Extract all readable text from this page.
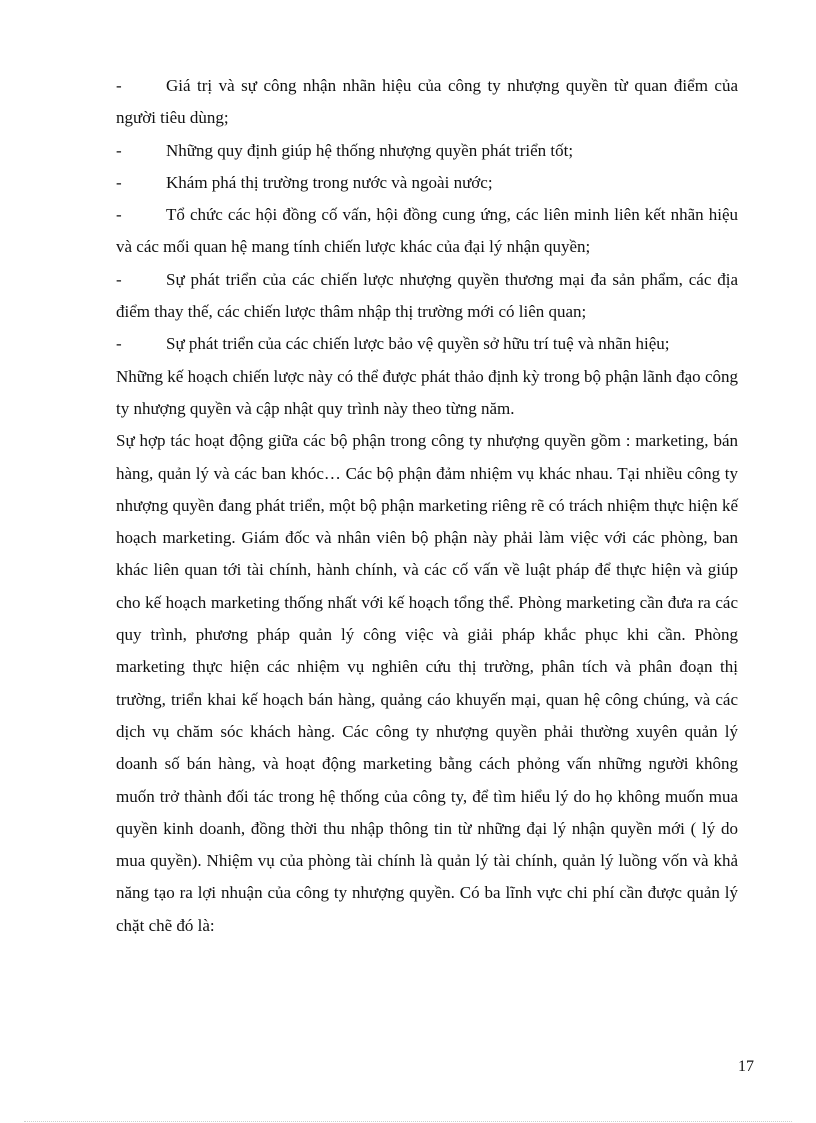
-	Giá trị và sự công nhận nhãn hiệu của công ty nhượng quyền từ quan điểm của người tiêu dùng;
-	Những quy định giúp hệ thống nhượng quyền phát triển tốt;
-	Khám phá thị trường trong nước và ngoài nước;
-	Tổ chức các hội đồng cố vấn, hội đồng cung ứng, các liên minh liên kết nhãn hiệu và các mối quan hệ mang tính chiến lược khác của đại lý nhận quyền;
-	Sự phát triển của các chiến lược nhượng quyền thương mại đa sản phẩm, các địa điểm thay thế, các chiến lược thâm nhập thị trường mới có liên quan;
-	Sự phát triển của các chiến lược bảo vệ quyền sở hữu trí tuệ và nhãn hiệu;
Những kế hoạch chiến lược này có thể được phát thảo định kỳ trong bộ phận lãnh đạo công ty nhượng quyền và cập nhật quy trình này theo từng năm.
Sự hợp tác hoạt động giữa các bộ phận trong công ty nhượng quyền gồm : marketing, bán hàng, quản lý và các ban khóc… Các bộ phận đảm nhiệm vụ khác nhau. Tại nhiều công ty nhượng quyền đang phát triển, một bộ phận marketing riêng rẽ có trách nhiệm thực hiện kế hoạch marketing. Giám đốc và nhân viên bộ phận này phải làm việc với các phòng, ban khác liên quan tới tài chính, hành chính, và các cố vấn về luật pháp để thực hiện và giúp cho kế hoạch marketing thống nhất với kế hoạch tổng thể. Phòng marketing cần đưa ra các quy trình, phương pháp quản lý công việc và giải pháp khắc phục khi cần. Phòng marketing thực hiện các nhiệm vụ nghiên cứu thị trường, phân tích và phân đoạn thị trường, triển khai kế hoạch bán hàng, quảng cáo khuyến mại, quan hệ công chúng, và các dịch vụ chăm sóc khách hàng. Các công ty nhượng quyền phải thường xuyên quản lý doanh số bán hàng, và hoạt động marketing bằng cách phỏng vấn những người không muốn trở thành đối tác trong hệ thống của công ty, để tìm hiểu lý do họ không muốn mua quyền kinh doanh, đồng thời thu nhập thông tin từ những đại lý nhận quyền mới ( lý do mua quyền). Nhiệm vụ của phòng tài chính là quản lý tài chính, quản lý luồng vốn và khả năng tạo ra lợi nhuận của công ty nhượng quyền. Có ba lĩnh vực chi phí cần được quản lý chặt chẽ đó là:
17
